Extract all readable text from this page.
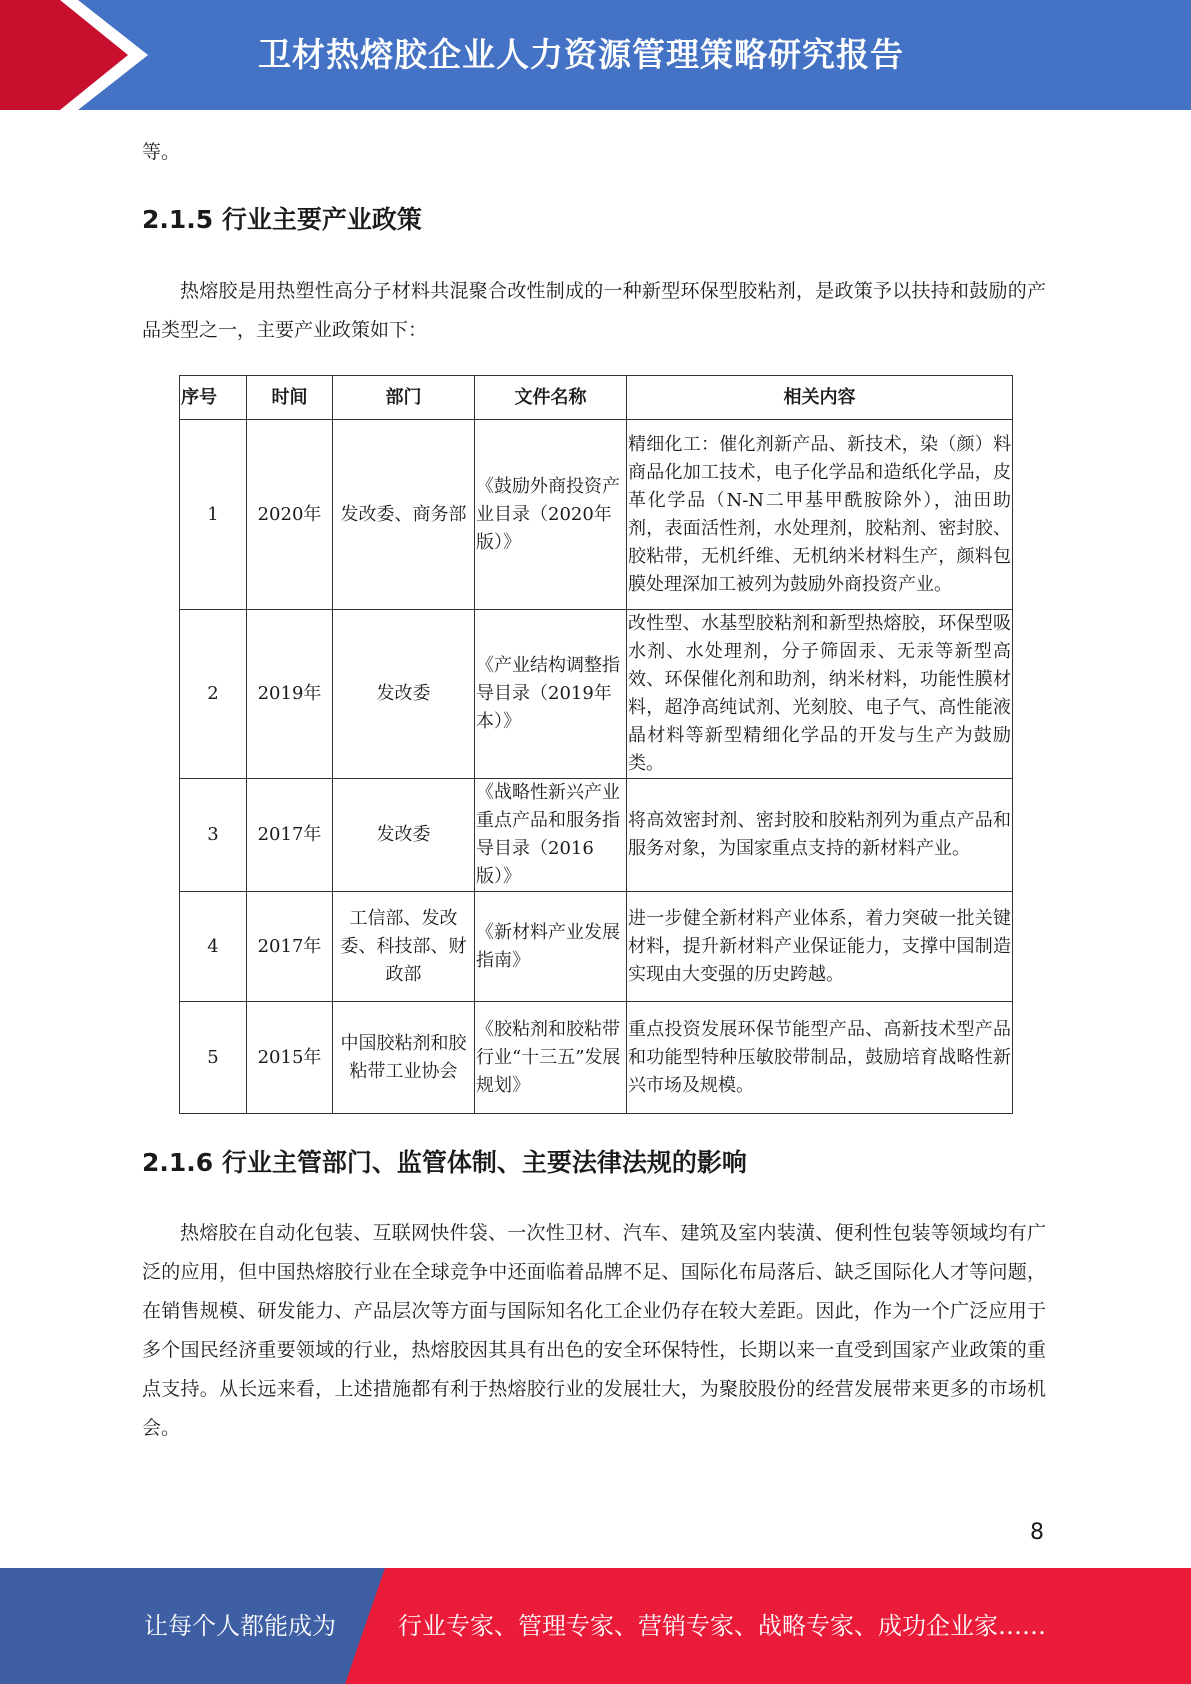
卫材热熔胶企业人力资源管理策略研究报告

等。

2.1.5 行业主要产业政策

热熔胶是用热塑性高分子材料共混聚合改性制成的一种新型环保型胶粘剂，是政策予以扶持和鼓励的产品类型之一，主要产业政策如下：

序号	时间	部门	文件名称	相关内容
1	2020年	发改委、商务部	《鼓励外商投资产业目录（2020年版）》	精细化工：催化剂新产品、新技术，染（颜）料商品化加工技术，电子化学品和造纸化学品，皮革化学品（N-N二甲基甲酰胺除外），油田助剂，表面活性剂，水处理剂，胶粘剂、密封胶、胶粘带，无机纤维、无机纳米材料生产，颜料包膜处理深加工被列为鼓励外商投资产业。
2	2019年	发改委	《产业结构调整指导目录（2019年本）》	改性型、水基型胶粘剂和新型热熔胶，环保型吸水剂、水处理剂，分子筛固汞、无汞等新型高效、环保催化剂和助剂，纳米材料，功能性膜材料，超净高纯试剂、光刻胶、电子气、高性能液晶材料等新型精细化学品的开发与生产为鼓励类。
3	2017年	发改委	《战略性新兴产业重点产品和服务指导目录（2016版）》	将高效密封剂、密封胶和胶粘剂列为重点产品和服务对象，为国家重点支持的新材料产业。
4	2017年	工信部、发改委、科技部、财政部	《新材料产业发展指南》	进一步健全新材料产业体系，着力突破一批关键材料，提升新材料产业保证能力，支撑中国制造实现由大变强的历史跨越。
5	2015年	中国胶粘剂和胶粘带工业协会	《胶粘剂和胶粘带行业“十三五”发展规划》	重点投资发展环保节能型产品、高新技术型产品和功能型特种压敏胶带制品，鼓励培育战略性新兴市场及规模。
2.1.6 行业主管部门、监管体制、主要法律法规的影响

热熔胶在自动化包装、互联网快件袋、一次性卫材、汽车、建筑及室内装潢、便利性包装等领域均有广泛的应用，但中国热熔胶行业在全球竞争中还面临着品牌不足、国际化布局落后、缺乏国际化人才等问题，在销售规模、研发能力、产品层次等方面与国际知名化工企业仍存在较大差距。因此，作为一个广泛应用于多个国民经济重要领域的行业，热熔胶因其具有出色的安全环保特性，长期以来一直受到国家产业政策的重点支持。从长远来看，上述措施都有利于热熔胶行业的发展壮大，为聚胶股份的经营发展带来更多的市场机会。

8
让每个人都能成为	行业专家、管理专家、营销专家、战略专家、成功企业家……
